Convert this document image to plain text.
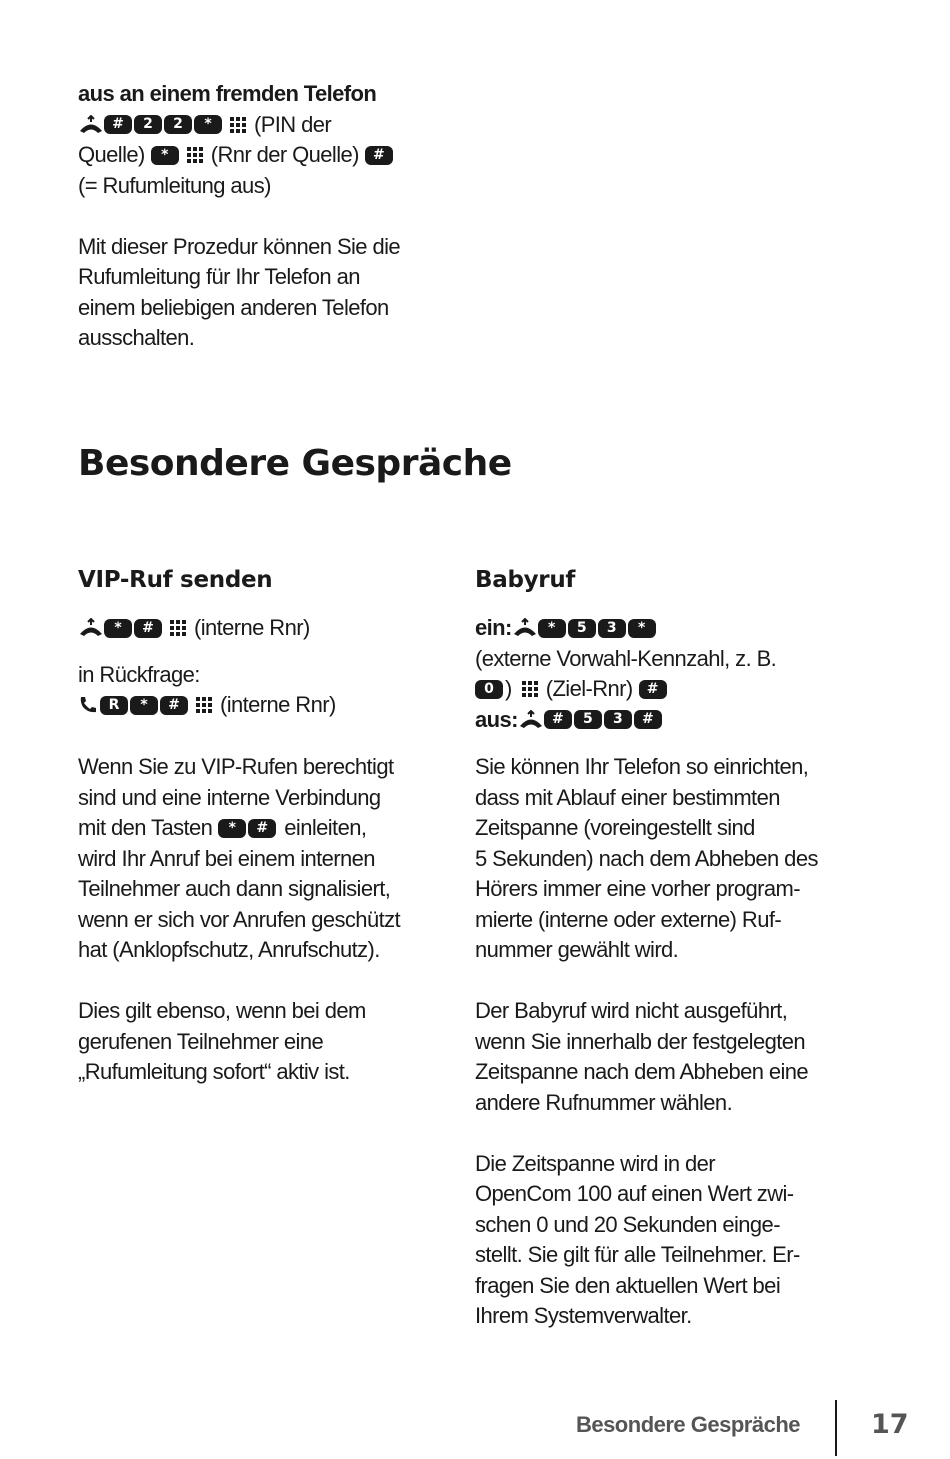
aus an einem fremden Telefon
#	2	2	*	(PIN der
Quelle)	*	(Rnr der Quelle)	#
(= Rufumleitung aus)
Mit dieser Prozedur können Sie die
Rufumleitung für Ihr Telefon an
einem beliebigen anderen Telefon
ausschalten.
Besondere Gespräche
VIP-Ruf senden
*	#	(interne Rnr)
in Rückfrage:
R	*	#	(interne Rnr)
Wenn Sie zu VIP-Rufen berechtigt
sind und eine interne Verbindung
mit den Tasten	*	# einleiten,
wird Ihr Anruf bei einem internen
Teilnehmer auch dann signalisiert,
wenn er sich vor Anrufen geschützt
hat (Anklopfschutz, Anrufschutz).
Dies gilt ebenso, wenn bei dem
gerufenen Teilnehmer eine
„Rufumleitung sofort“ aktiv ist.
Babyruf
ein:	*	5	3	*
(externe Vorwahl-Kennzahl, z. B.
0 ) (Ziel-Rnr)	#
aus:	#	5	3	#
Sie können Ihr Telefon so einrichten,
dass mit Ablauf einer bestimmten
Zeitspanne (voreingestellt sind
5 Sekunden) nach dem Abheben des
Hörers immer eine vorher program-
mierte (interne oder externe) Ruf-
nummer gewählt wird.
Der Babyruf wird nicht ausgeführt,
wenn Sie innerhalb der festgelegten
Zeitspanne nach dem Abheben eine
andere Rufnummer wählen.
Die Zeitspanne wird in der
OpenCom 100 auf einen Wert zwi-
schen 0 und 20 Sekunden einge-
stellt. Sie gilt für alle Teilnehmer. Er-
fragen Sie den aktuellen Wert bei
Ihrem Systemverwalter.
Besondere Gespräche	17
